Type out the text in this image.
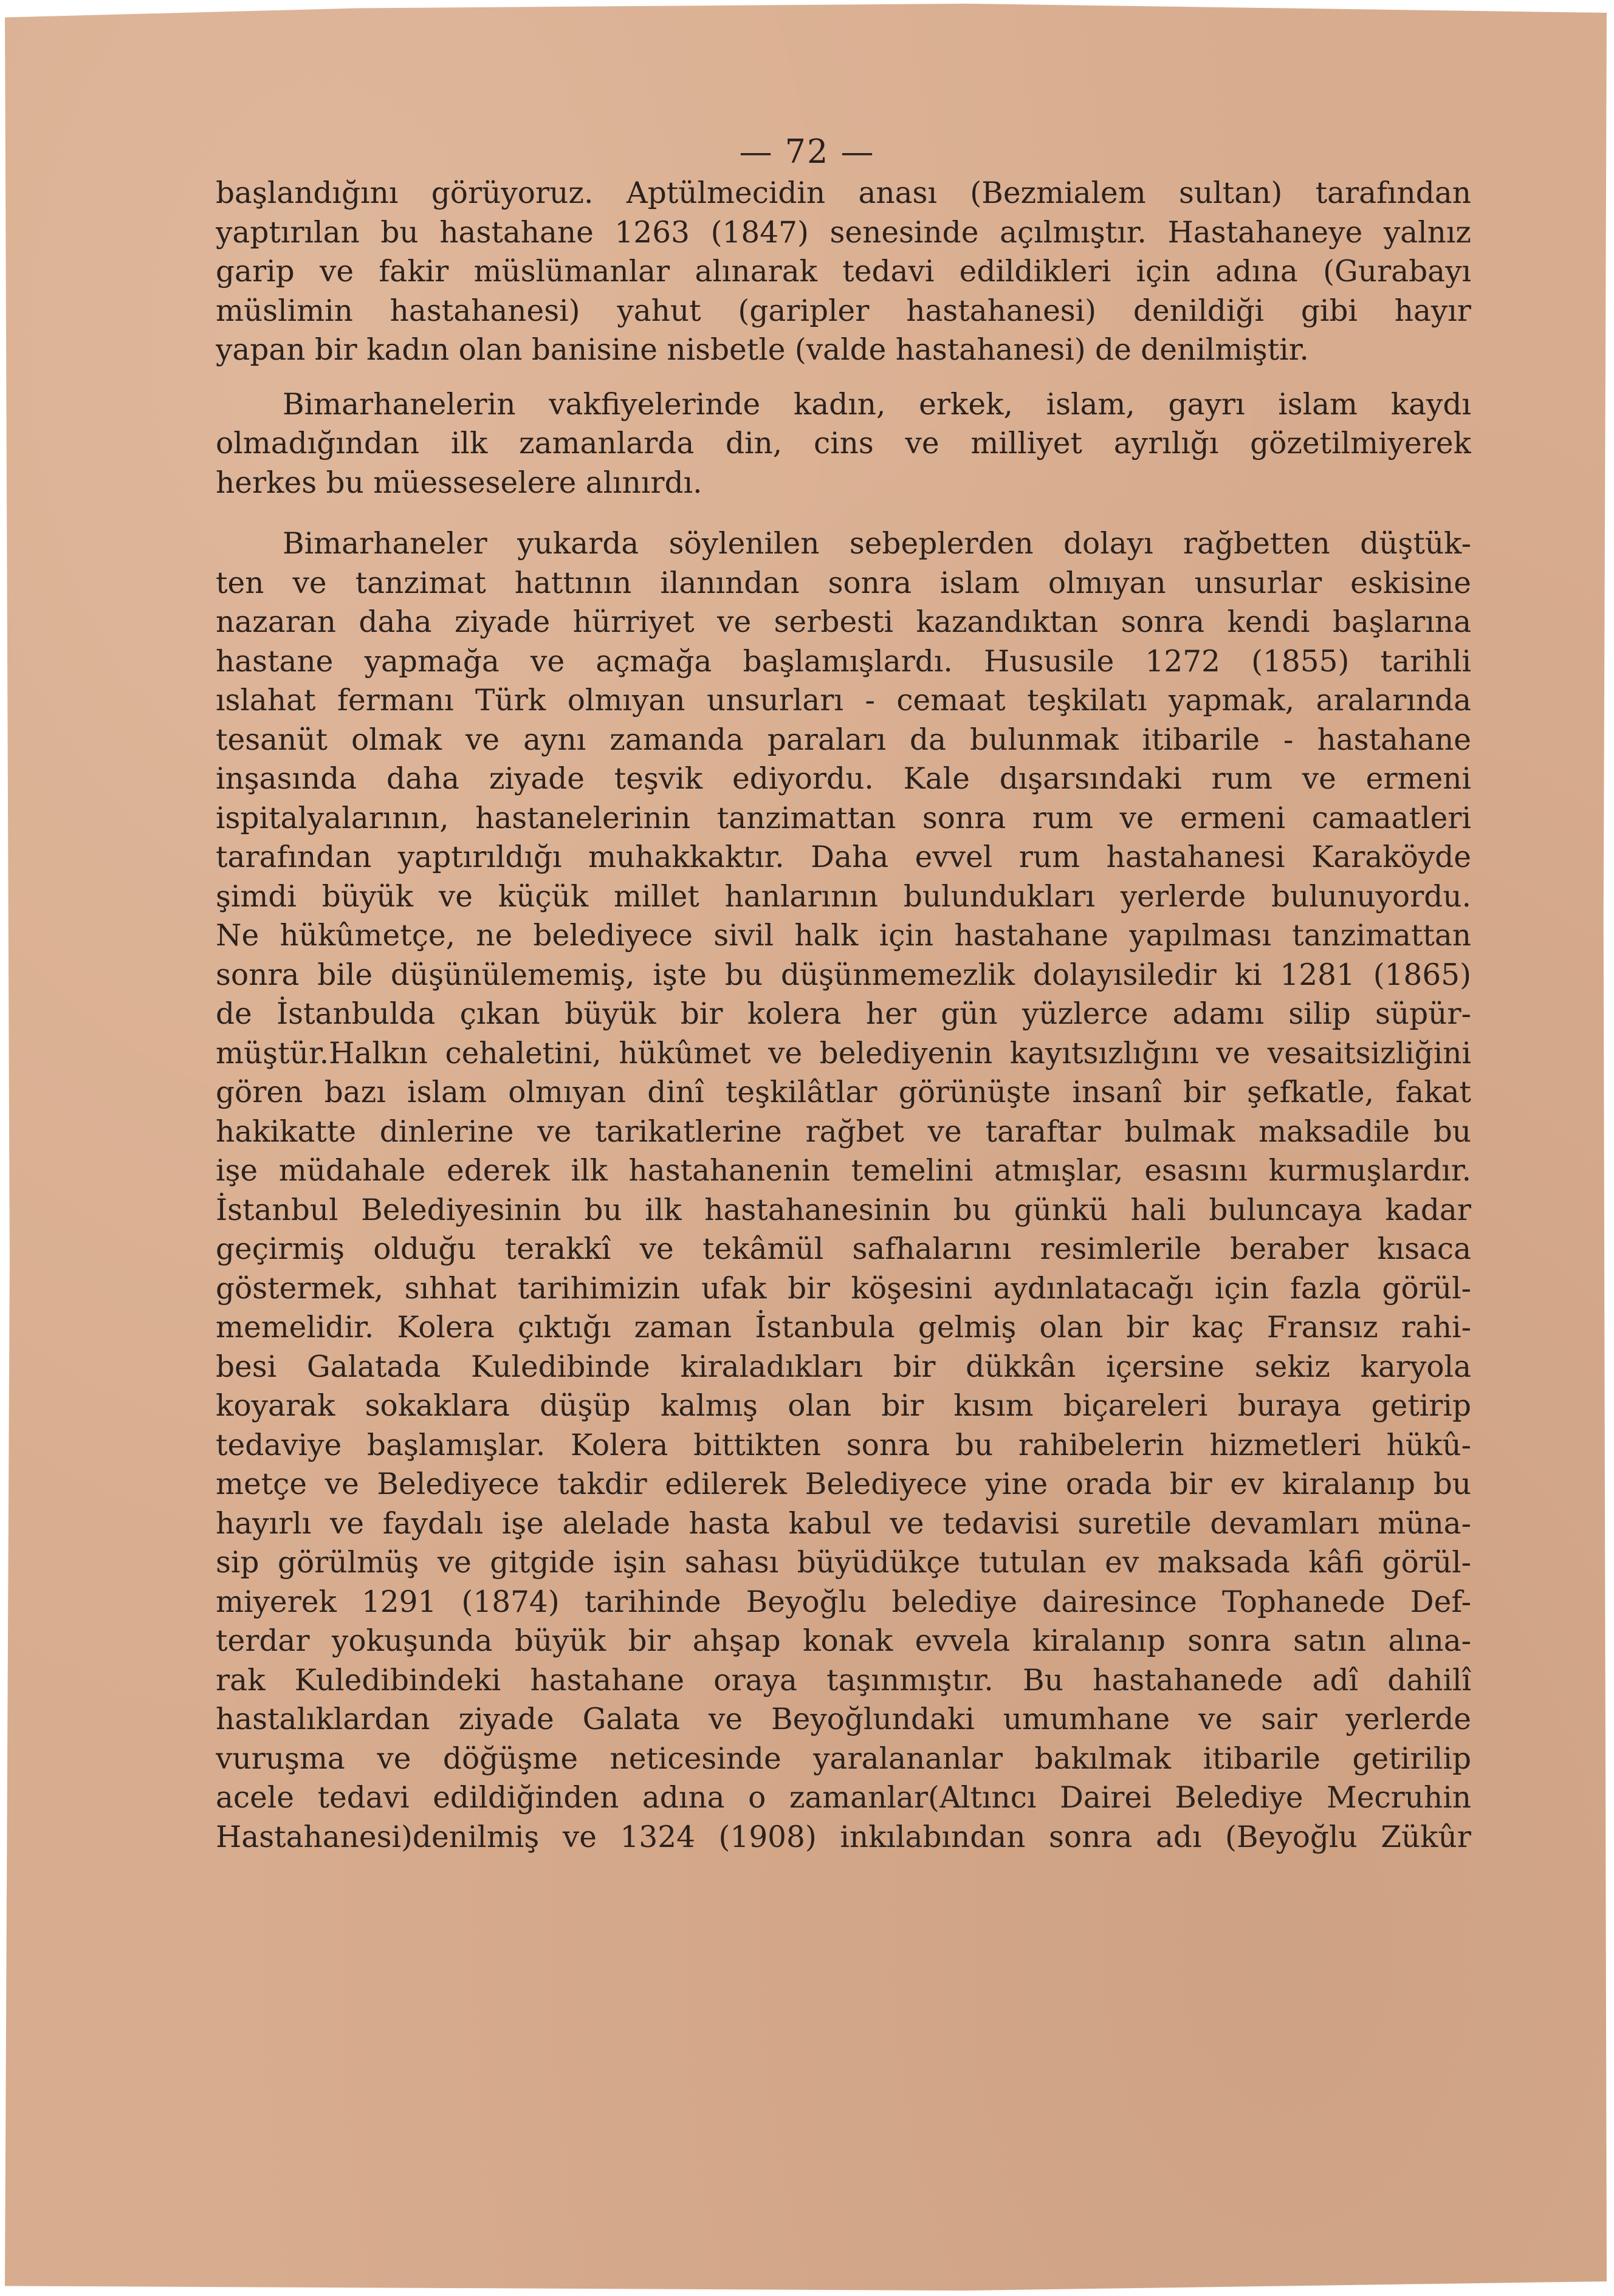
— 72 —
başlandığını görüyoruz. Aptülmecidin anası (Bezmialem sultan) tarafından
yaptırılan bu hastahane 1263 (1847) senesinde açılmıştır. Hastahaneye yalnız
garip ve fakir müslümanlar alınarak tedavi edildikleri için adına (Gurabayı
müslimin hastahanesi) yahut (garipler hastahanesi) denildiği gibi hayır
yapan bir kadın olan banisine nisbetle (valde hastahanesi) de denilmiştir.
Bimarhanelerin vakfiyelerinde kadın, erkek, islam, gayrı islam kaydı
olmadığından ilk zamanlarda din, cins ve milliyet ayrılığı gözetilmiyerek
herkes bu müesseselere alınırdı.
Bimarhaneler yukarda söylenilen sebeplerden dolayı rağbetten düştük-
ten ve tanzimat hattının ilanından sonra islam olmıyan unsurlar eskisine
nazaran daha ziyade hürriyet ve serbesti kazandıktan sonra kendi başlarına
hastane yapmağa ve açmağa başlamışlardı. Hususile 1272 (1855) tarihli
ıslahat fermanı Türk olmıyan unsurları - cemaat teşkilatı yapmak, aralarında
tesanüt olmak ve aynı zamanda paraları da bulunmak itibarile - hastahane
inşasında daha ziyade teşvik ediyordu. Kale dışarsındaki rum ve ermeni
ispitalyalarının, hastanelerinin tanzimattan sonra rum ve ermeni camaatleri
tarafından yaptırıldığı muhakkaktır. Daha evvel rum hastahanesi Karaköyde
şimdi büyük ve küçük millet hanlarının bulundukları yerlerde bulunuyordu.
Ne hükûmetçe, ne belediyece sivil halk için hastahane yapılması tanzimattan
sonra bile düşünülememiş, işte bu düşünmemezlik dolayısiledir ki 1281 (1865)
de İstanbulda çıkan büyük bir kolera her gün yüzlerce adamı silip süpür-
müştür.Halkın cehaletini, hükûmet ve belediyenin kayıtsızlığını ve vesaitsizliğini
gören bazı islam olmıyan dinî teşkilâtlar görünüşte insanî bir şefkatle, fakat
hakikatte dinlerine ve tarikatlerine rağbet ve taraftar bulmak maksadile bu
işe müdahale ederek ilk hastahanenin temelini atmışlar, esasını kurmuşlardır.
İstanbul Belediyesinin bu ilk hastahanesinin bu günkü hali buluncaya kadar
geçirmiş olduğu terakkî ve tekâmül safhalarını resimlerile beraber kısaca
göstermek, sıhhat tarihimizin ufak bir köşesini aydınlatacağı için fazla görül-
memelidir. Kolera çıktığı zaman İstanbula gelmiş olan bir kaç Fransız rahi-
besi Galatada Kuledibinde kiraladıkları bir dükkân içersine sekiz karyola
koyarak sokaklara düşüp kalmış olan bir kısım biçareleri buraya getirip
tedaviye başlamışlar. Kolera bittikten sonra bu rahibelerin hizmetleri hükû-
metçe ve Belediyece takdir edilerek Belediyece yine orada bir ev kiralanıp bu
hayırlı ve faydalı işe alelade hasta kabul ve tedavisi suretile devamları müna-
sip görülmüş ve gitgide işin sahası büyüdükçe tutulan ev maksada kâfi görül-
miyerek 1291 (1874) tarihinde Beyoğlu belediye dairesince Tophanede Def-
terdar yokuşunda büyük bir ahşap konak evvela kiralanıp sonra satın alına-
rak Kuledibindeki hastahane oraya taşınmıştır. Bu hastahanede adî dahilî
hastalıklardan ziyade Galata ve Beyoğlundaki umumhane ve sair yerlerde
vuruşma ve döğüşme neticesinde yaralananlar bakılmak itibarile getirilip
acele tedavi edildiğinden adına o zamanlar(Altıncı Dairei Belediye Mecruhin
Hastahanesi)denilmiş ve 1324 (1908) inkılabından sonra adı (Beyoğlu Zükûr
